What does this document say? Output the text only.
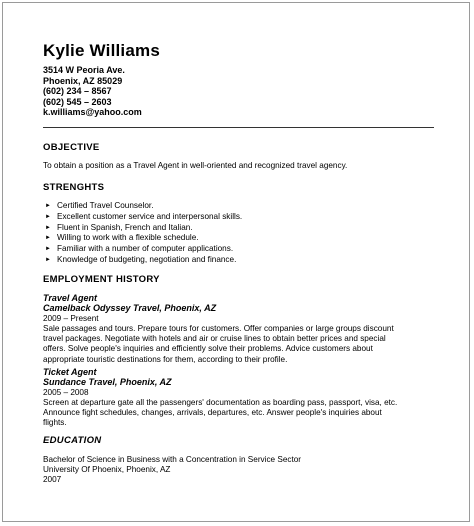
Kylie Williams
3514 W Peoria Ave.
Phoenix, AZ 85029
(602) 234 – 8567
(602) 545 – 2603
k.williams@yahoo.com
OBJECTIVE
To obtain a position as a Travel Agent in well-oriented and recognized travel agency.
STRENGHTS
► Certified Travel Counselor.
► Excellent customer service and interpersonal skills.
► Fluent in Spanish, French and Italian.
► Willing to work with a flexible schedule.
► Familiar with a number of computer applications.
► Knowledge of budgeting, negotiation and finance.
EMPLOYMENT HISTORY
Travel Agent
Camelback Odyssey Travel, Phoenix, AZ
2009 – Present
Sale passages and tours. Prepare tours for customers. Offer companies or large groups discount travel packages. Negotiate with hotels and air or cruise lines to obtain better prices and special offers. Solve people's inquiries and efficiently solve their problems. Advice customers about appropriate touristic destinations for them, according to their profile.
Ticket Agent
Sundance Travel, Phoenix, AZ
2005 – 2008
Screen at departure gate all the passengers' documentation as boarding pass, passport, visa, etc. Announce fight schedules, changes, arrivals, departures, etc. Answer people's inquiries about flights.
EDUCATION
Bachelor of Science in Business with a Concentration in Service Sector
University Of Phoenix, Phoenix, AZ
2007
